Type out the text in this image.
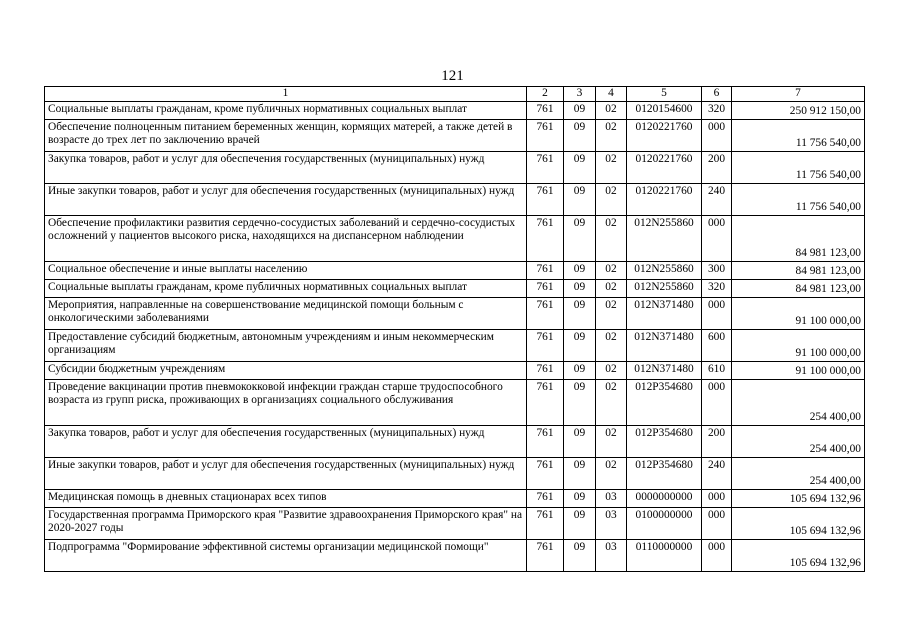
121
1	2	3	4	5	6	7
Социальные выплаты гражданам, кроме публичных нормативных социальных выплат	761	09	02	0120154600	320	250 912 150,00
Обеспечение полноценным питанием беременных женщин, кормящих матерей, а также детей в возрасте до трех лет по заключению врачей	761	09	02	0120221760	000	11 756 540,00
Закупка товаров, работ и услуг для обеспечения государственных (муниципальных) нужд	761	09	02	0120221760	200	11 756 540,00
Иные закупки товаров, работ и услуг для обеспечения государственных (муниципальных) нужд	761	09	02	0120221760	240	11 756 540,00
Обеспечение профилактики развития сердечно-сосудистых заболеваний и сердечно-сосудистых осложнений у пациентов высокого риска, находящихся на диспансерном наблюдении	761	09	02	012N255860	000	84 981 123,00
Социальное обеспечение и иные выплаты населению	761	09	02	012N255860	300	84 981 123,00
Социальные выплаты гражданам, кроме публичных нормативных социальных выплат	761	09	02	012N255860	320	84 981 123,00
Мероприятия, направленные на совершенствование медицинской помощи больным с онкологическими заболеваниями	761	09	02	012N371480	000	91 100 000,00
Предоставление субсидий бюджетным, автономным учреждениям и иным некоммерческим организациям	761	09	02	012N371480	600	91 100 000,00
Субсидии бюджетным учреждениям	761	09	02	012N371480	610	91 100 000,00
Проведение вакцинации против пневмококковой инфекции граждан старше трудоспособного возраста из групп риска, проживающих в организациях социального обслуживания	761	09	02	012P354680	000	254 400,00
Закупка товаров, работ и услуг для обеспечения государственных (муниципальных) нужд	761	09	02	012P354680	200	254 400,00
Иные закупки товаров, работ и услуг для обеспечения государственных (муниципальных) нужд	761	09	02	012P354680	240	254 400,00
Медицинская помощь в дневных стационарах всех типов	761	09	03	0000000000	000	105 694 132,96
Государственная программа Приморского края "Развитие здравоохранения Приморского края" на 2020-2027 годы	761	09	03	0100000000	000	105 694 132,96
Подпрограмма "Формирование эффективной системы организации медицинской помощи"	761	09	03	0110000000	000	105 694 132,96
